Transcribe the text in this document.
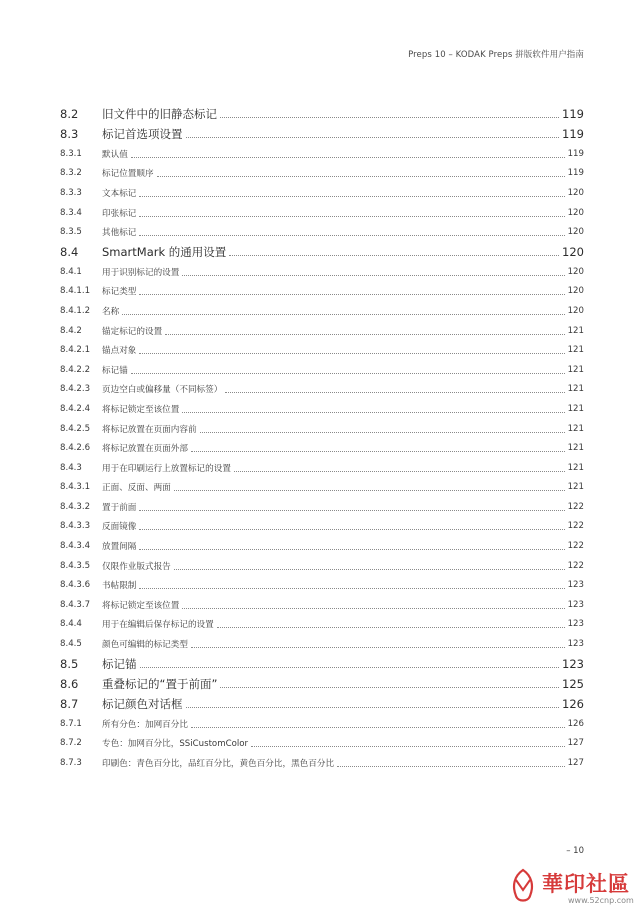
Preps 10 – KODAK Preps 拼版软件用户指南
8.2	旧文件中的旧静态标记	119
8.3	标记首选项设置	119
8.3.1	默认值	119
8.3.2	标记位置顺序	119
8.3.3	文本标记	120
8.3.4	印张标记	120
8.3.5	其他标记	120
8.4	SmartMark 的通用设置	120
8.4.1	用于识别标记的设置	120
8.4.1.1	标记类型	120
8.4.1.2	名称	120
8.4.2	锚定标记的设置	121
8.4.2.1	锚点对象	121
8.4.2.2	标记锚	121
8.4.2.3	页边空白或偏移量（不同标签）	121
8.4.2.4	将标记锁定至该位置	121
8.4.2.5	将标记放置在页面内容前	121
8.4.2.6	将标记放置在页面外部	121
8.4.3	用于在印刷运行上放置标记的设置	121
8.4.3.1	正面、反面、两面	121
8.4.3.2	置于前面	122
8.4.3.3	反面镜像	122
8.4.3.4	放置间隔	122
8.4.3.5	仅限作业版式报告	122
8.4.3.6	书帖限制	123
8.4.3.7	将标记锁定至该位置	123
8.4.4	用于在编辑后保存标记的设置	123
8.4.5	颜色可编辑的标记类型	123
8.5	标记锚	123
8.6	重叠标记的“置于前面”	125
8.7	标记颜色对话框	126
8.7.1	所有分色：加网百分比	126
8.7.2	专色：加网百分比，SSiCustomColor	127
8.7.3	印刷色：青色百分比，品红百分比，黄色百分比，黑色百分比	127
– 10
華印社區
www.52cnp.com
